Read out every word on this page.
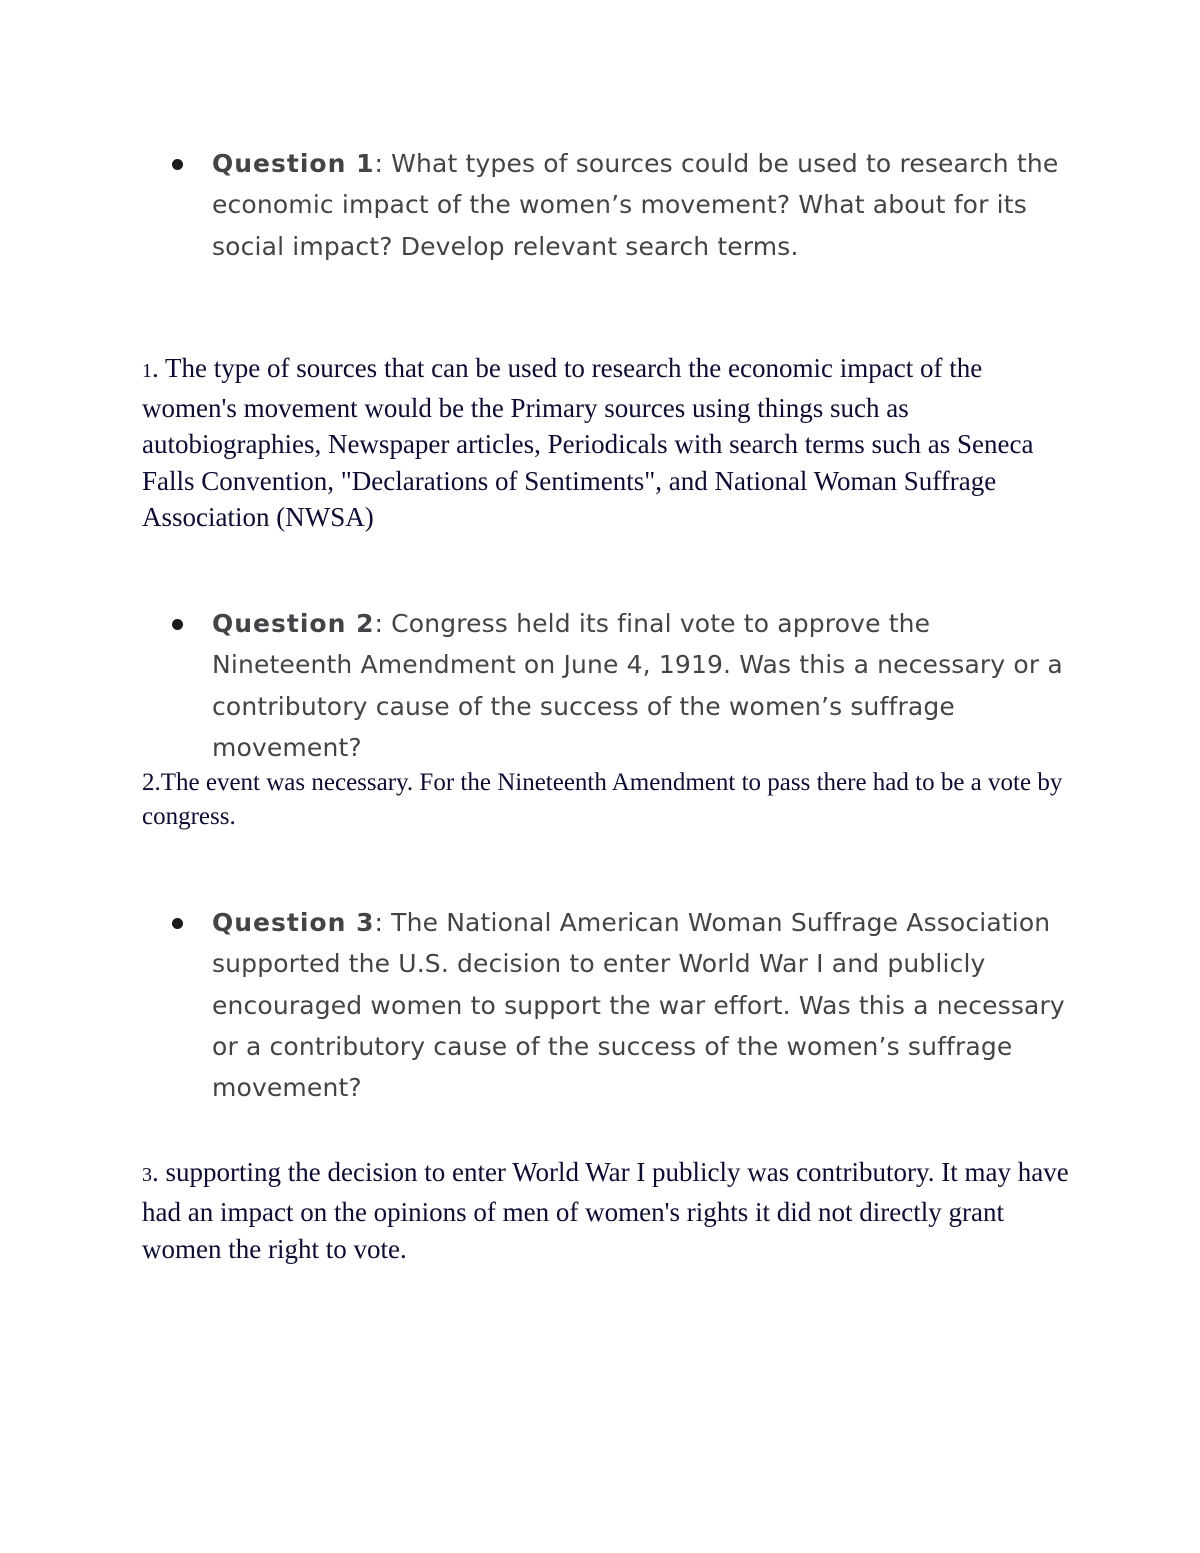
Question 1: What types of sources could be used to research the economic impact of the women’s movement? What about for its social impact? Develop relevant search terms.
1. The type of sources that can be used to research the economic impact of the women's movement would be the Primary sources using things such as autobiographies, Newspaper articles, Periodicals with search terms such as Seneca Falls Convention, "Declarations of Sentiments", and National Woman Suffrage Association (NWSA)
Question 2: Congress held its final vote to approve the Nineteenth Amendment on June 4, 1919. Was this a necessary or a contributory cause of the success of the women’s suffrage movement?
2.The event was necessary. For the Nineteenth Amendment to pass there had to be a vote by congress.
Question 3: The National American Woman Suffrage Association supported the U.S. decision to enter World War I and publicly encouraged women to support the war effort. Was this a necessary or a contributory cause of the success of the women’s suffrage movement?
3. supporting the decision to enter World War I publicly was contributory. It may have had an impact on the opinions of men of women's rights it did not directly grant women the right to vote.
